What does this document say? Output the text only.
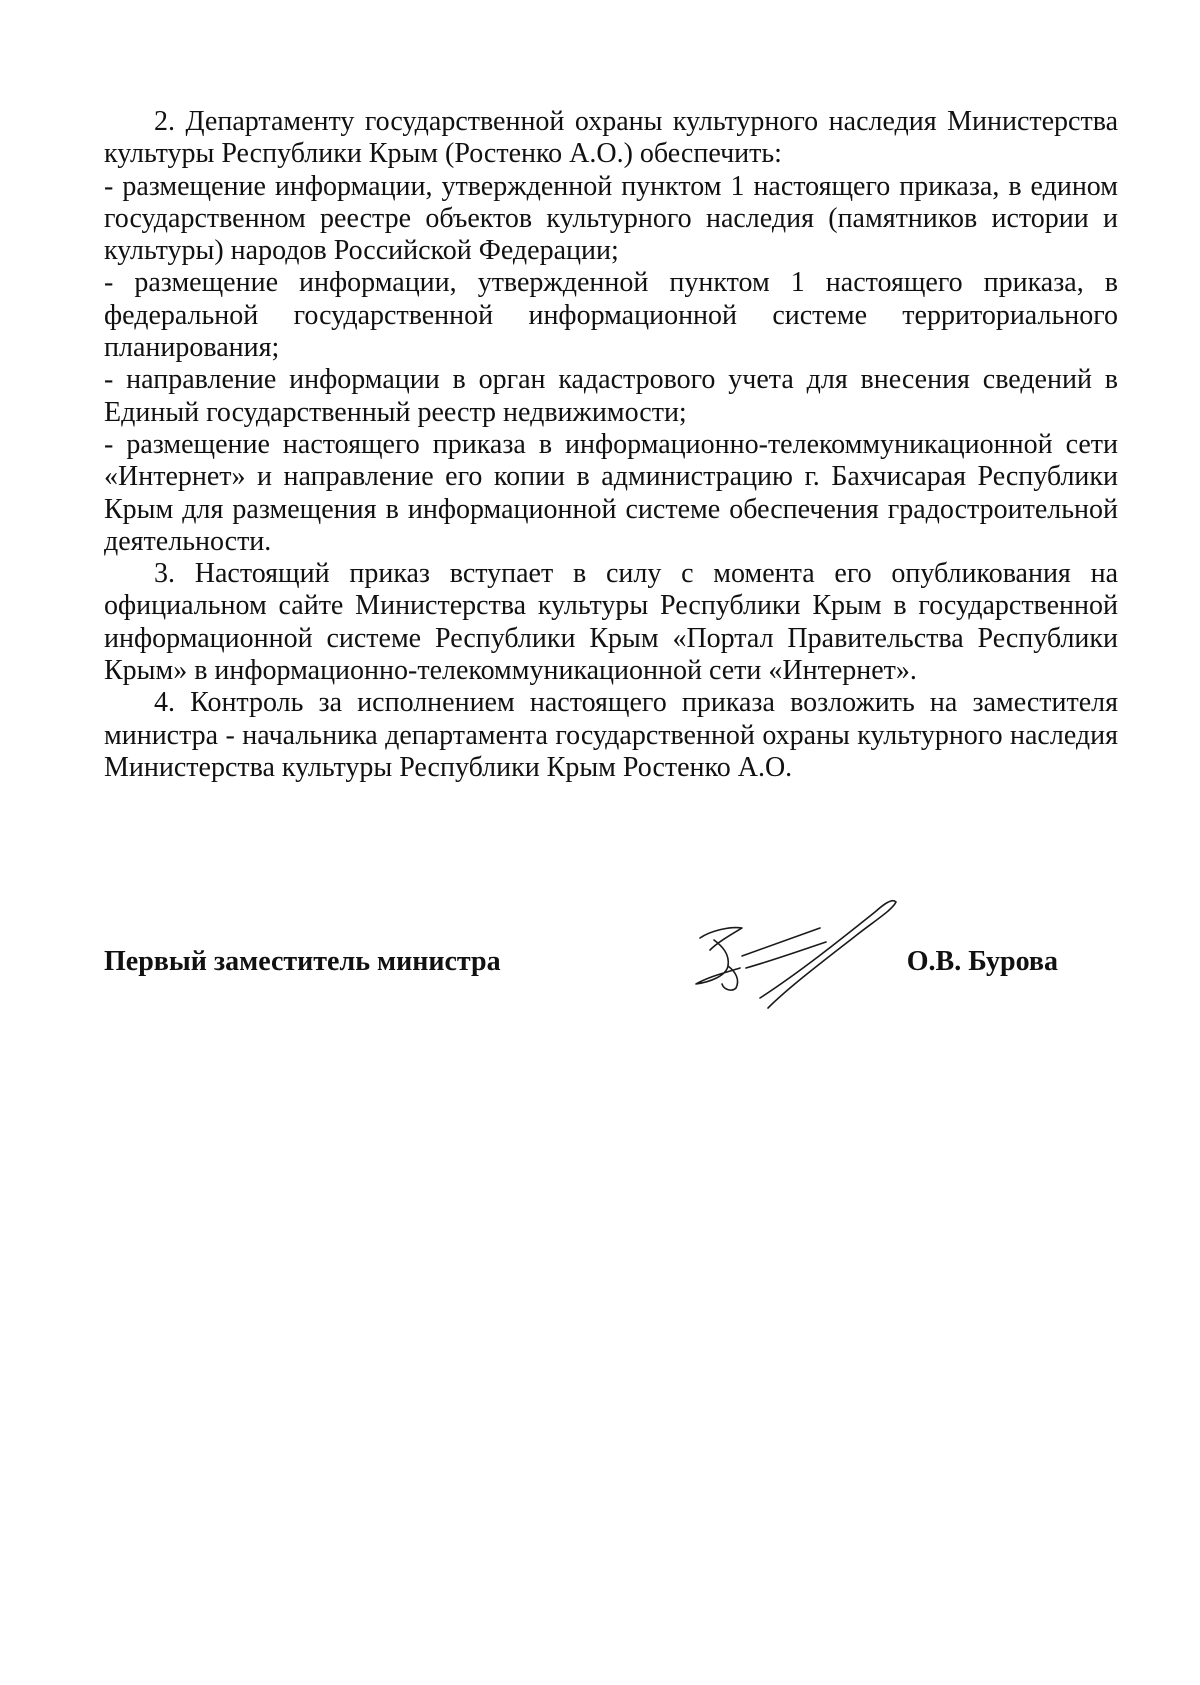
2. Департаменту государственной охраны культурного наследия Министерства культуры Республики Крым (Ростенко А.О.) обеспечить:

- размещение информации, утвержденной пунктом 1 настоящего приказа, в едином государственном реестре объектов культурного наследия (памятников истории и культуры) народов Российской Федерации;

- размещение информации, утвержденной пунктом 1 настоящего приказа, в федеральной государственной информационной системе территориального планирования;

- направление информации в орган кадастрового учета для внесения сведений в Единый государственный реестр недвижимости;

- размещение настоящего приказа в информационно-телекоммуникационной сети «Интернет» и направление его копии в администрацию г. Бахчисарая Республики Крым для размещения в информационной системе обеспечения градостроительной деятельности.

3. Настоящий приказ вступает в силу с момента его опубликования на официальном сайте Министерства культуры Республики Крым в государственной информационной системе Республики Крым «Портал Правительства Республики Крым» в информационно-телекоммуникационной сети «Интернет».

4. Контроль за исполнением настоящего приказа возложить на заместителя министра - начальника департамента государственной охраны культурного наследия Министерства культуры Республики Крым Ростенко А.О.

Первый заместитель министра	О.В. Бурова
